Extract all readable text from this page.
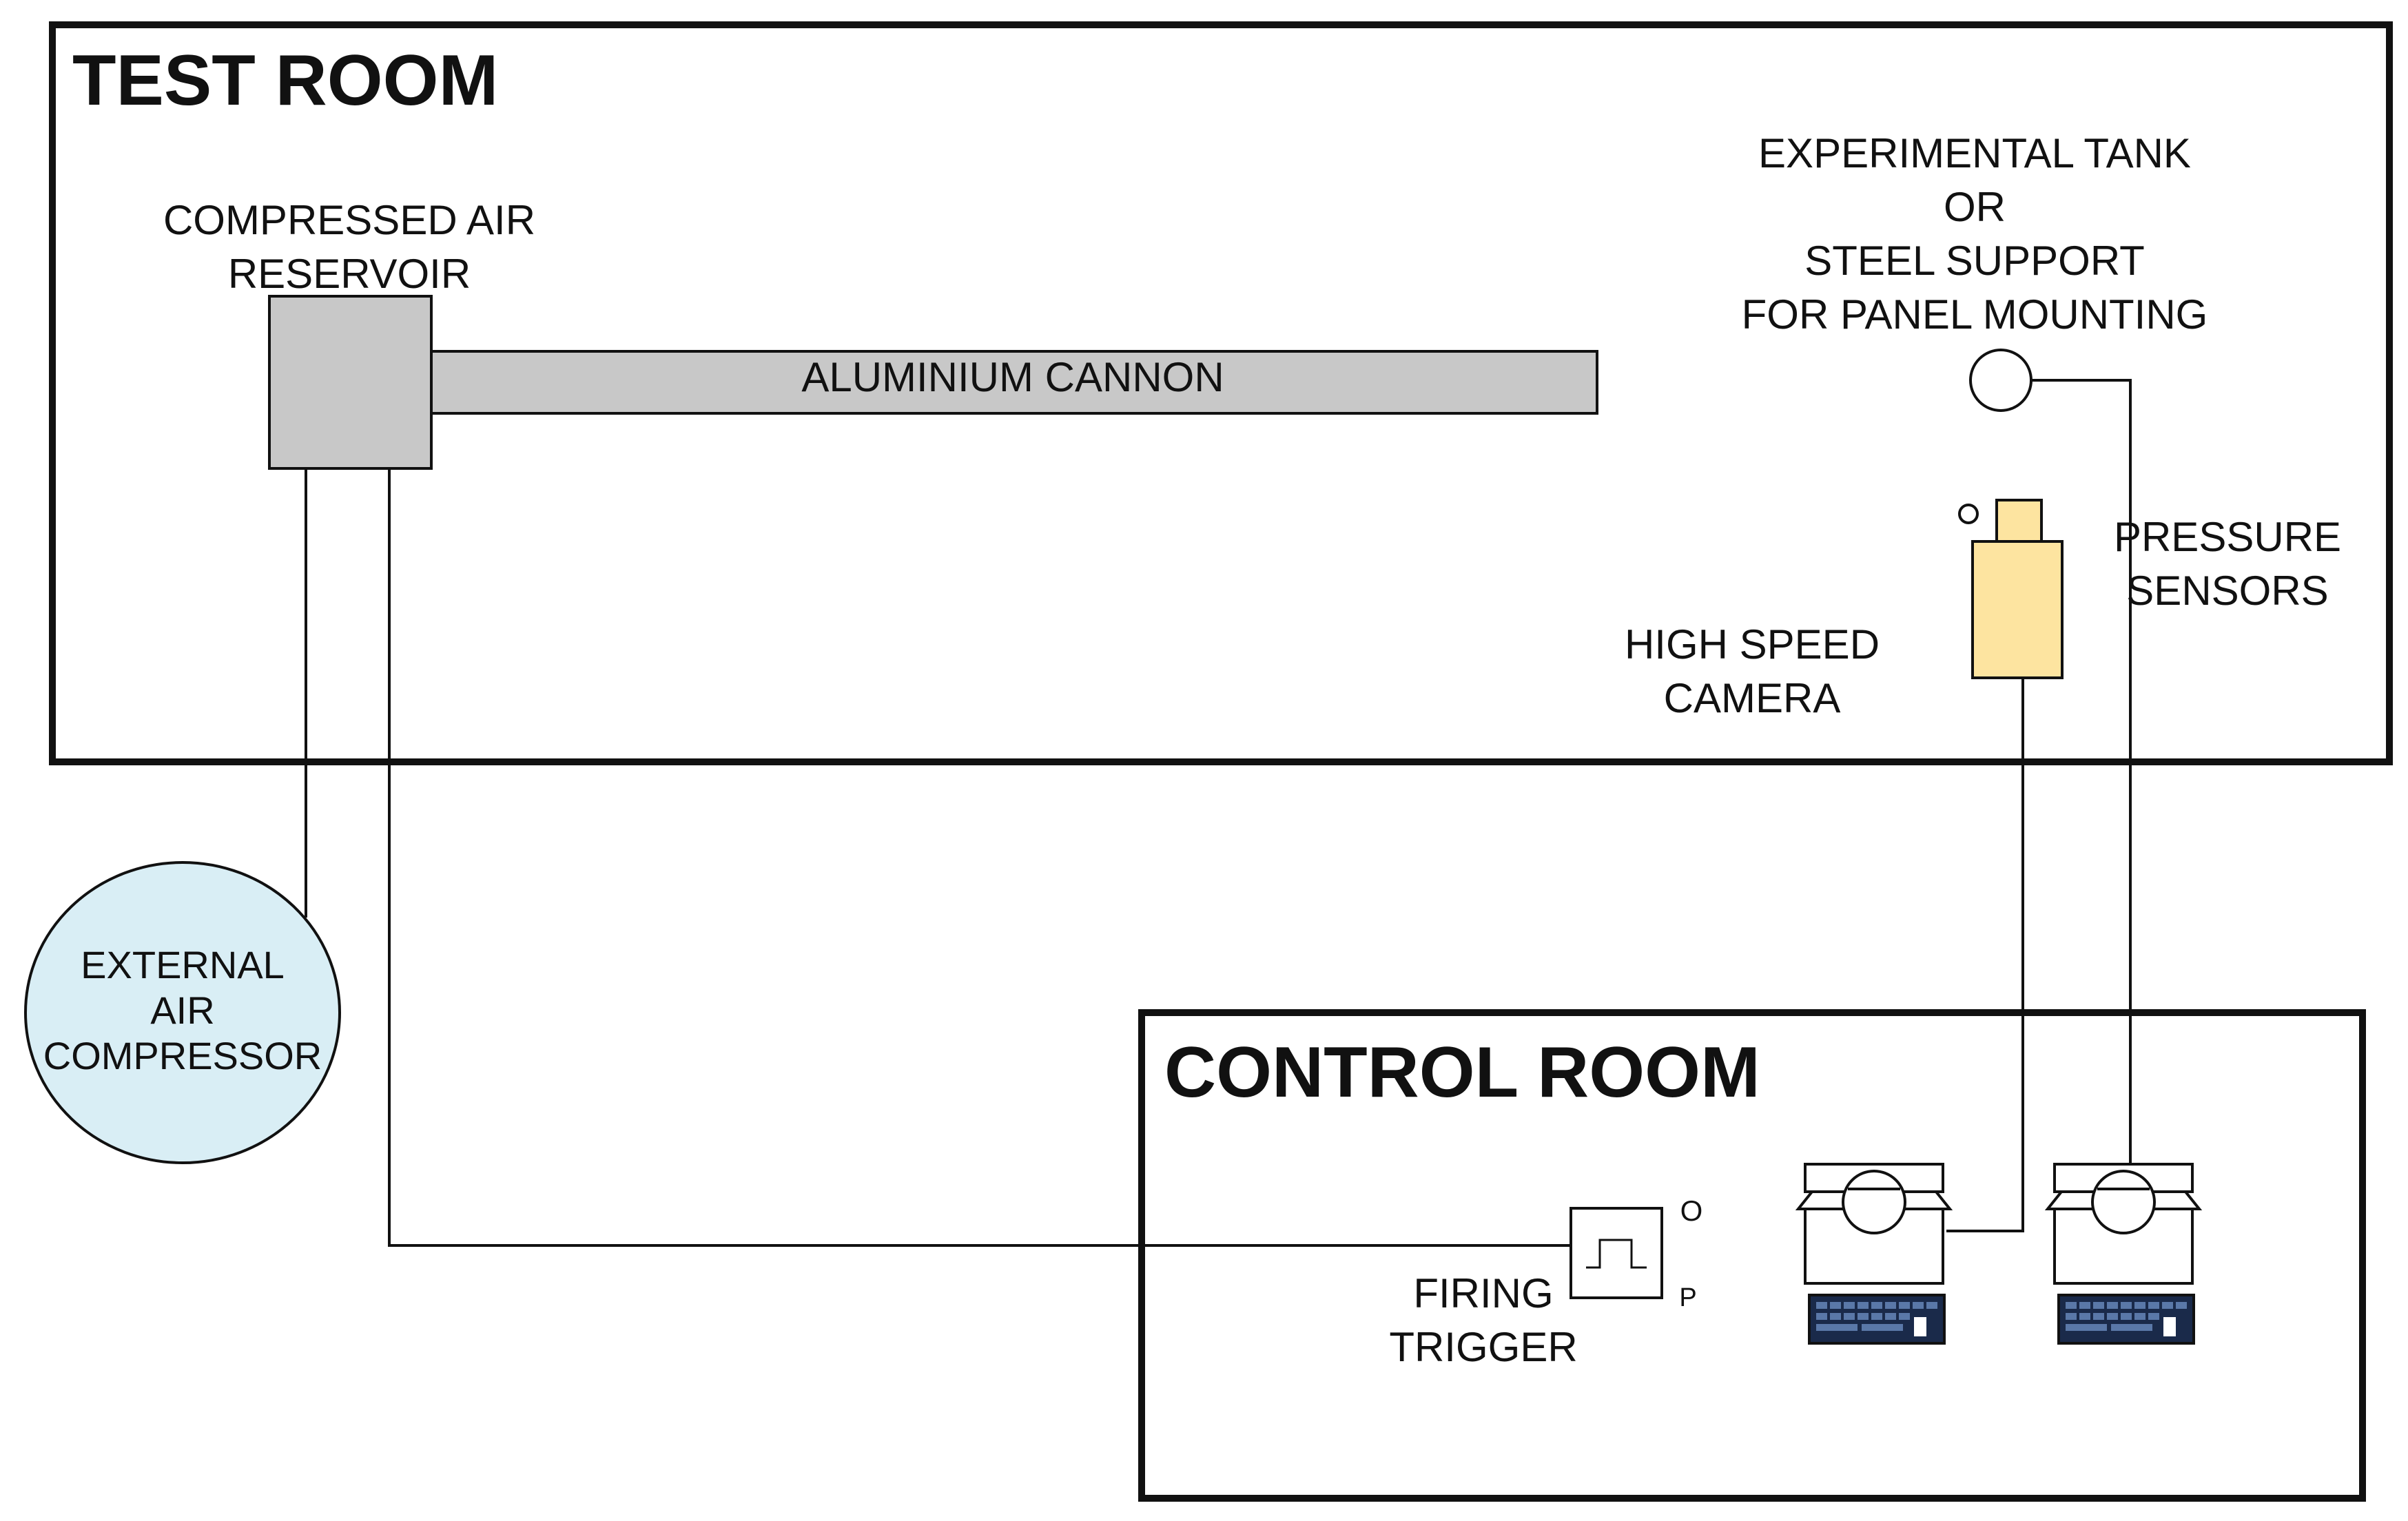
TEST ROOM
CONTROL ROOM
COMPRESSED AIR
RESERVOIR
ALUMINIUM CANNON
EXPERIMENTAL TANK
OR
STEEL SUPPORT
FOR PANEL MOUNTING
PRESSURE
SENSORS
HIGH SPEED
CAMERA
EXTERNAL
AIR
COMPRESSOR
O
P
FIRING
TRIGGER
